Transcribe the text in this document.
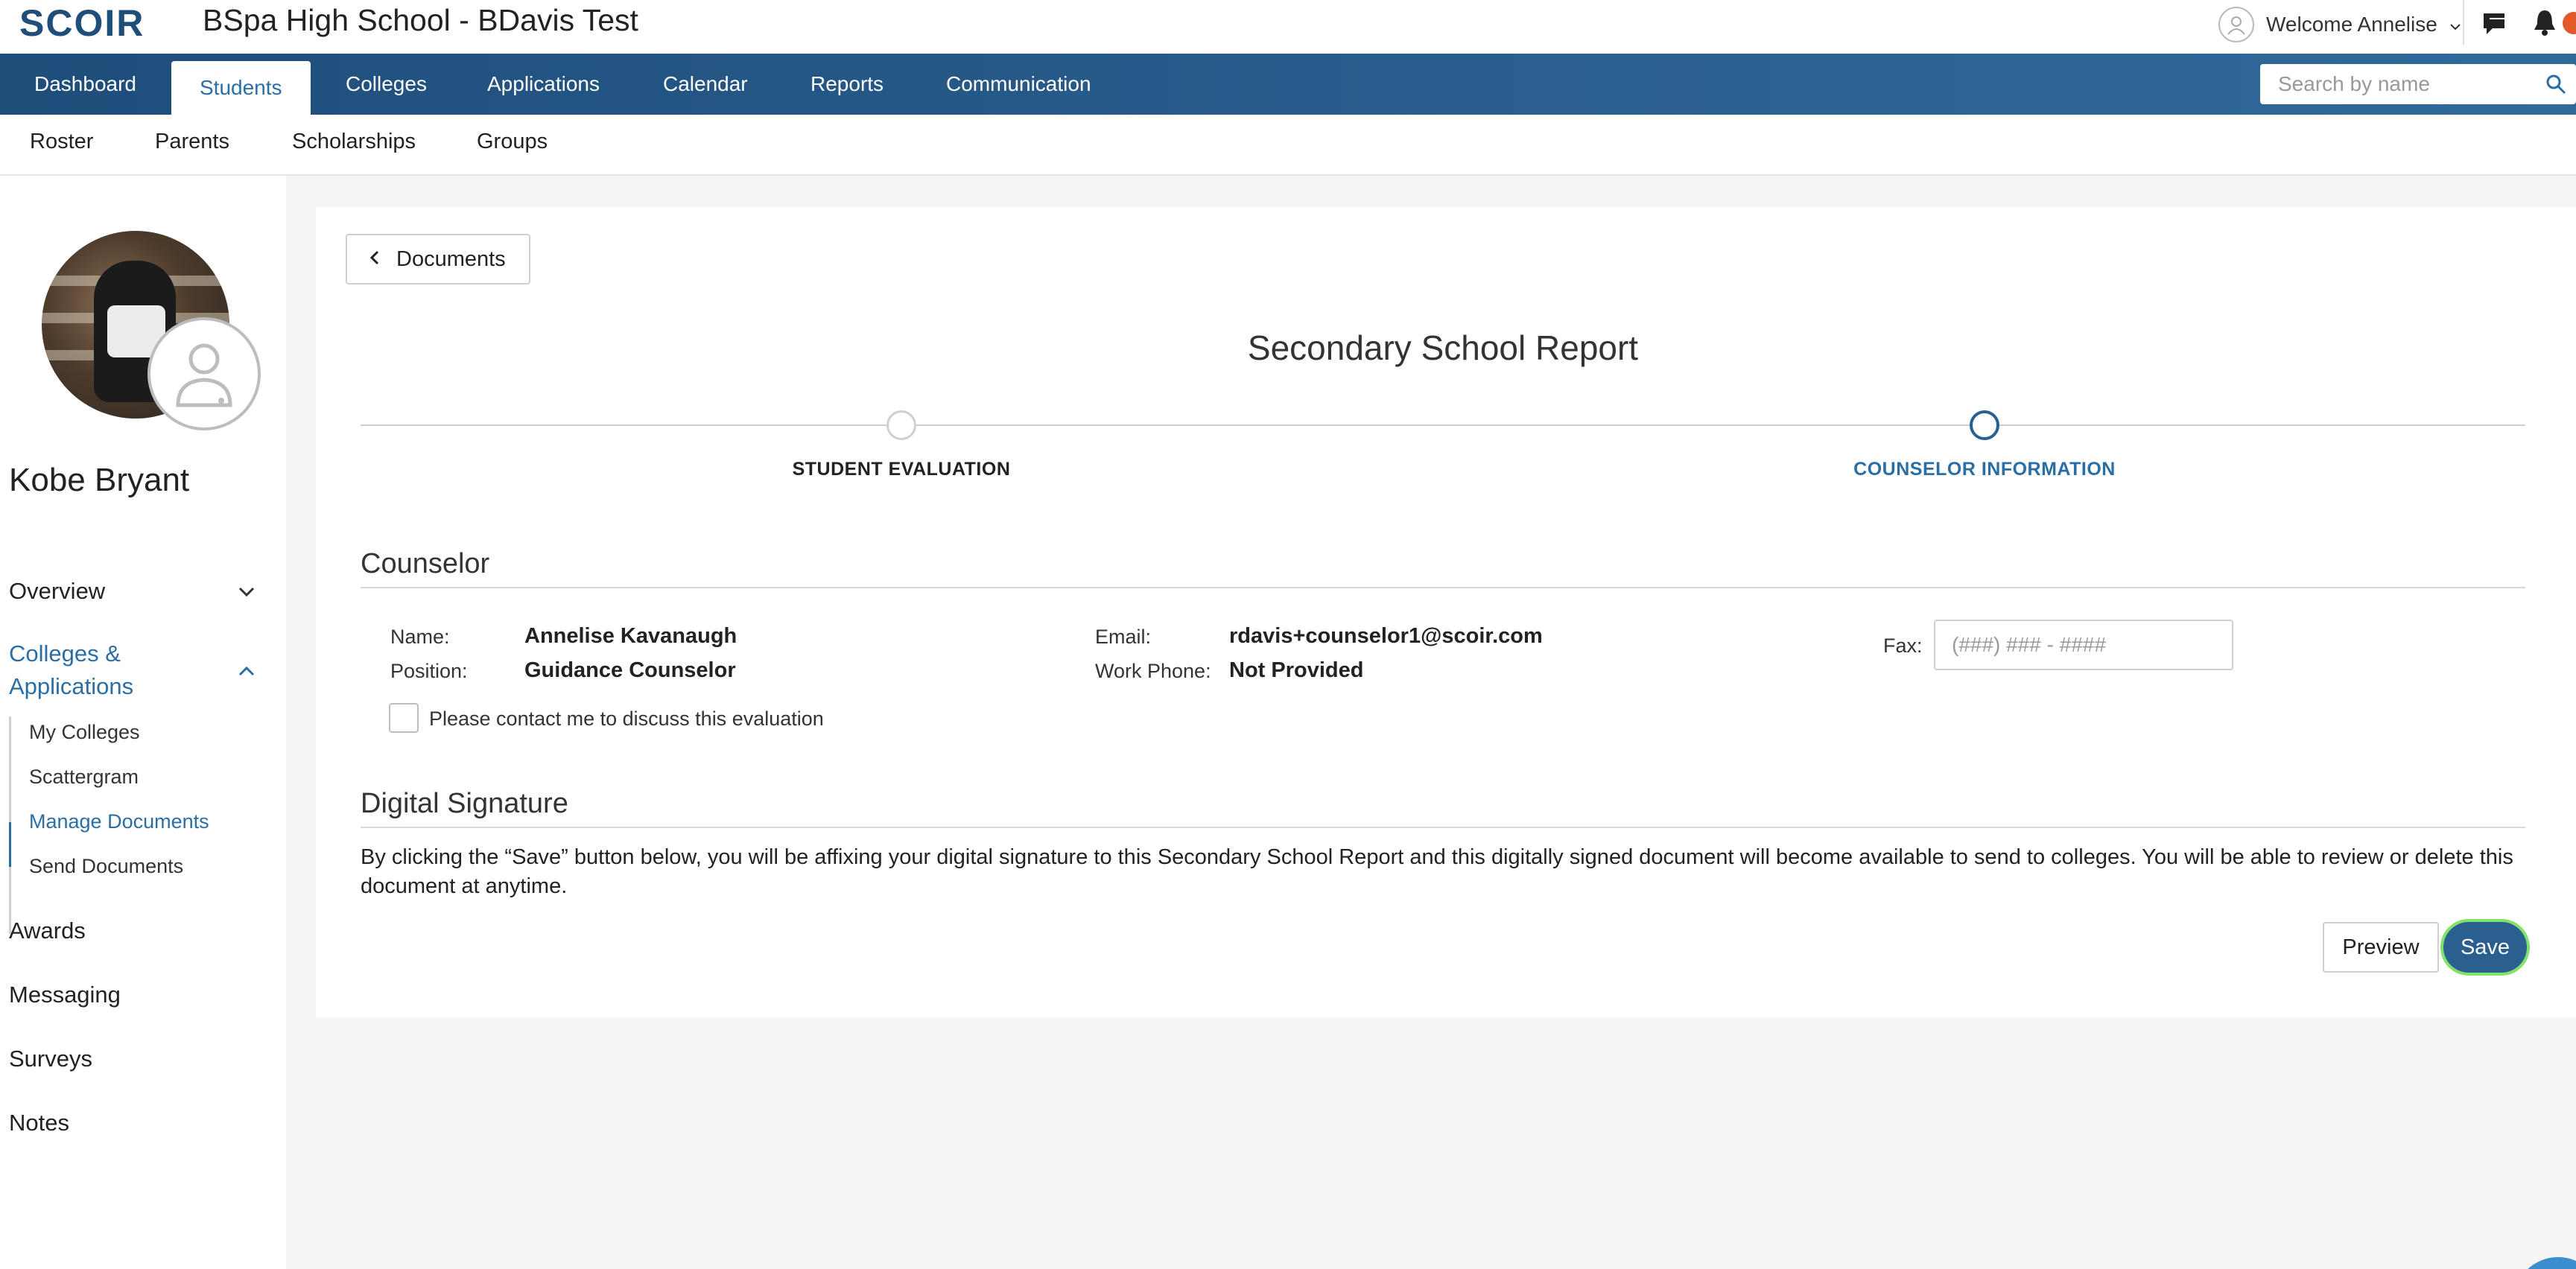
SCOIR BSpa High School - BDavis Test	Welcome Annelise
Dashboard	Students	Colleges	Applications	Calendar	Reports	Communication	Search by name
Roster	Parents	Scholarships	Groups
Kobe Bryant
Overview
Colleges &
Applications
My Colleges
Scattergram
Manage Documents
Send Documents
Awards
Messaging
Surveys
Notes
Documents
Secondary School Report
STUDENT EVALUATION	COUNSELOR INFORMATION
Counselor
Name:	Annelise Kavanaugh
Position:	Guidance Counselor
Email:	rdavis+counselor1@scoir.com
Work Phone: Not Provided
Fax:
(###) ### - ####
Please contact me to discuss this evaluation
Digital Signature
By clicking the “Save” button below, you will be affixing your digital signature to this Secondary School Report and this digitally signed document will become available to send to colleges. You will be able to review or delete this document at anytime.
Preview	Save
